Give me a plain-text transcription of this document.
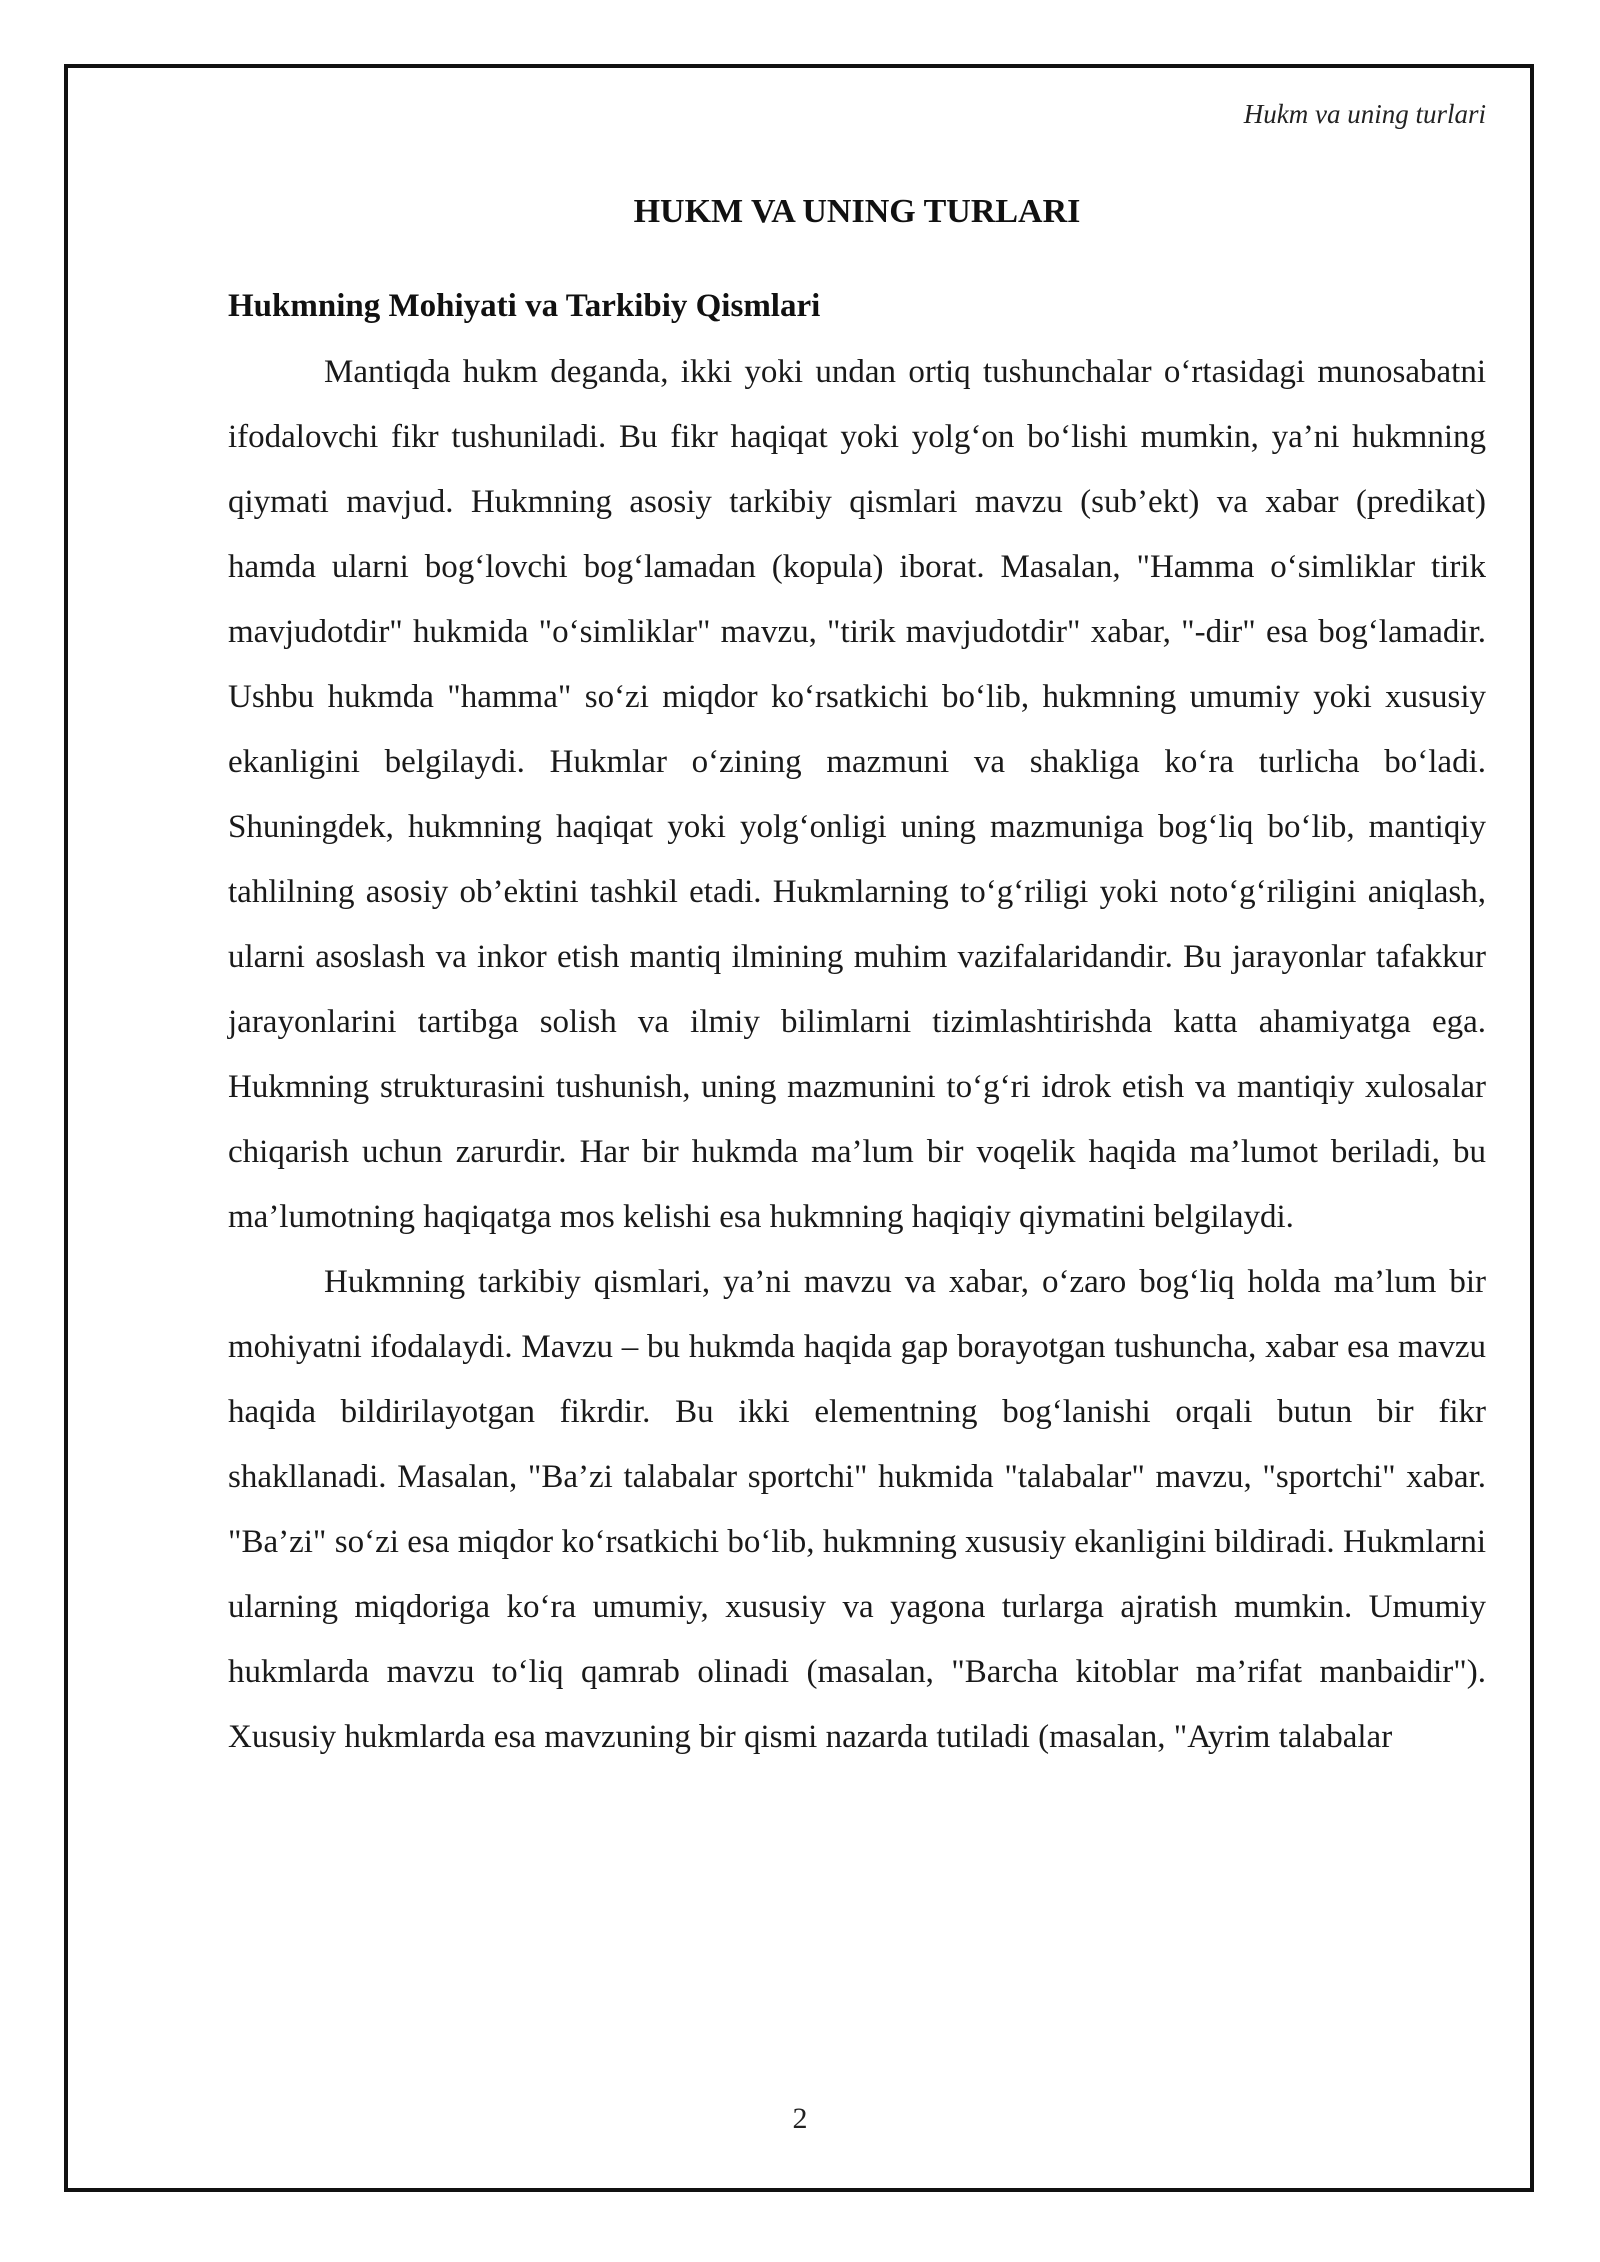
Hukm va uning turlari
HUKM VA UNING TURLARI
Hukmning Mohiyati va Tarkibiy Qismlari

Mantiqda hukm deganda, ikki yoki undan ortiq tushunchalar o‘rtasidagi munosabatni ifodalovchi fikr tushuniladi. Bu fikr haqiqat yoki yolg‘on bo‘lishi mumkin, ya’ni hukmning qiymati mavjud. Hukmning asosiy tarkibiy qismlari mavzu (sub’ekt) va xabar (predikat) hamda ularni bog‘lovchi bog‘lamadan (kopula) iborat. Masalan, "Hamma o‘simliklar tirik mavjudotdir" hukmida "o‘simliklar" mavzu, "tirik mavjudotdir" xabar, "-dir" esa bog‘lamadir. Ushbu hukmda "hamma" so‘zi miqdor ko‘rsatkichi bo‘lib, hukmning umumiy yoki xususiy ekanligini belgilaydi. Hukmlar o‘zining mazmuni va shakliga ko‘ra turlicha bo‘ladi. Shuningdek, hukmning haqiqat yoki yolg‘onligi uning mazmuniga bog‘liq bo‘lib, mantiqiy tahlilning asosiy ob’ektini tashkil etadi. Hukmlarning to‘g‘riligi yoki noto‘g‘riligini aniqlash, ularni asoslash va inkor etish mantiq ilmining muhim vazifalaridandir. Bu jarayonlar tafakkur jarayonlarini tartibga solish va ilmiy bilimlarni tizimlashtirishda katta ahamiyatga ega. Hukmning strukturasini tushunish, uning mazmunini to‘g‘ri idrok etish va mantiqiy xulosalar chiqarish uchun zarurdir. Har bir hukmda ma’lum bir voqelik haqida ma’lumot beriladi, bu ma’lumotning haqiqatga mos kelishi esa hukmning haqiqiy qiymatini belgilaydi.

Hukmning tarkibiy qismlari, ya’ni mavzu va xabar, o‘zaro bog‘liq holda ma’lum bir mohiyatni ifodalaydi. Mavzu – bu hukmda haqida gap borayotgan tushuncha, xabar esa mavzu haqida bildirilayotgan fikrdir. Bu ikki elementning bog‘lanishi orqali butun bir fikr shakllanadi. Masalan, "Ba’zi talabalar sportchi" hukmida "talabalar" mavzu, "sportchi" xabar. "Ba’zi" so‘zi esa miqdor ko‘rsatkichi bo‘lib, hukmning xususiy ekanligini bildiradi. Hukmlarni ularning miqdoriga ko‘ra umumiy, xususiy va yagona turlarga ajratish mumkin. Umumiy hukmlarda mavzu to‘liq qamrab olinadi (masalan, "Barcha kitoblar ma’rifat manbaidir"). Xususiy hukmlarda esa mavzuning bir qismi nazarda tutiladi (masalan, "Ayrim talabalar

2
